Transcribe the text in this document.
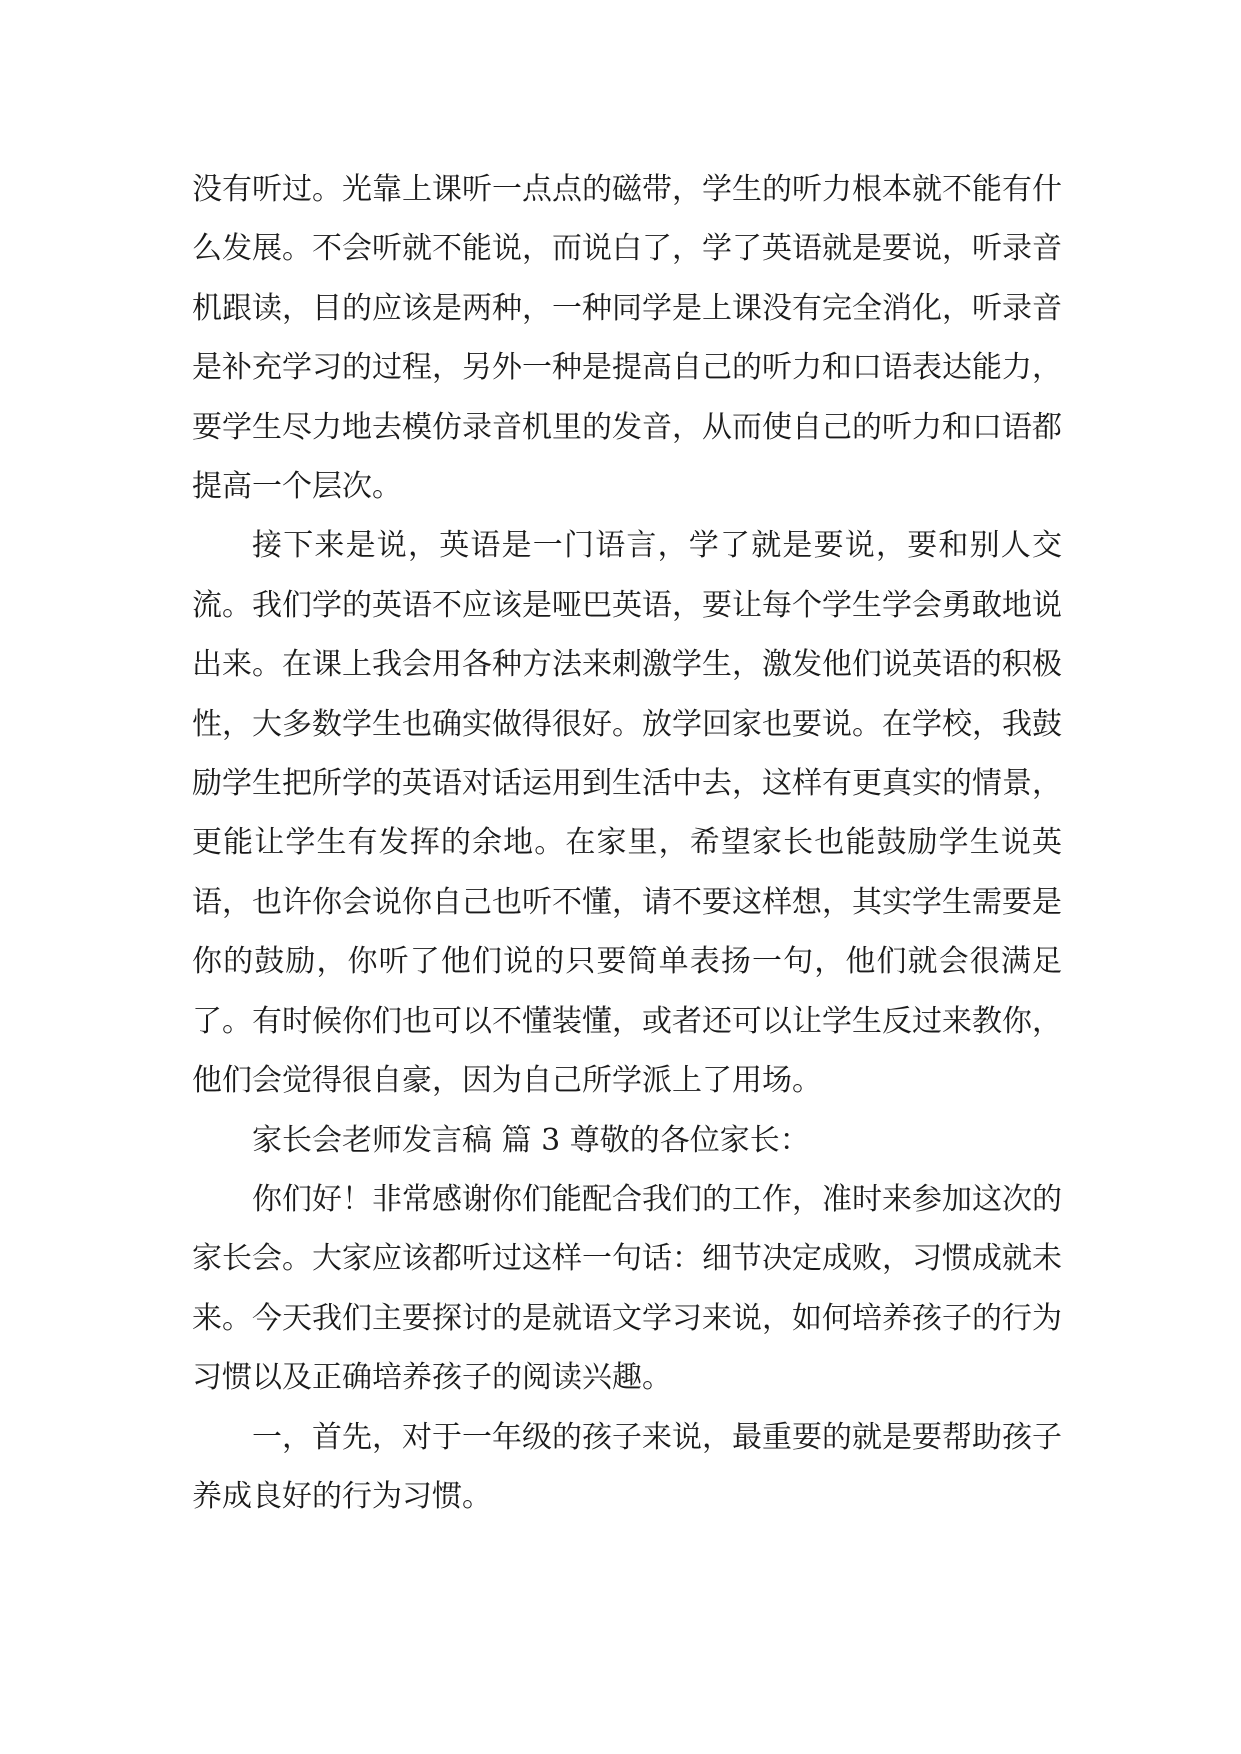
没有听过。光靠上课听一点点的磁带，学生的听力根本就不能有什么发展。不会听就不能说，而说白了，学了英语就是要说，听录音机跟读，目的应该是两种，一种同学是上课没有完全消化，听录音是补充学习的过程，另外一种是提高自己的听力和口语表达能力，要学生尽力地去模仿录音机里的发音，从而使自己的听力和口语都提高一个层次。

接下来是说，英语是一门语言，学了就是要说，要和别人交流。我们学的英语不应该是哑巴英语，要让每个学生学会勇敢地说出来。在课上我会用各种方法来刺激学生，激发他们说英语的积极性，大多数学生也确实做得很好。放学回家也要说。在学校，我鼓励学生把所学的英语对话运用到生活中去，这样有更真实的情景，更能让学生有发挥的余地。在家里，希望家长也能鼓励学生说英语，也许你会说你自己也听不懂，请不要这样想，其实学生需要是你的鼓励，你听了他们说的只要简单表扬一句，他们就会很满足了。有时候你们也可以不懂装懂，或者还可以让学生反过来教你，他们会觉得很自豪，因为自己所学派上了用场。

家长会老师发言稿 篇 3 尊敬的各位家长：

你们好！非常感谢你们能配合我们的工作，准时来参加这次的家长会。大家应该都听过这样一句话：细节决定成败，习惯成就未来。今天我们主要探讨的是就语文学习来说，如何培养孩子的行为习惯以及正确培养孩子的阅读兴趣。

一，首先，对于一年级的孩子来说，最重要的就是要帮助孩子养成良好的行为习惯。
